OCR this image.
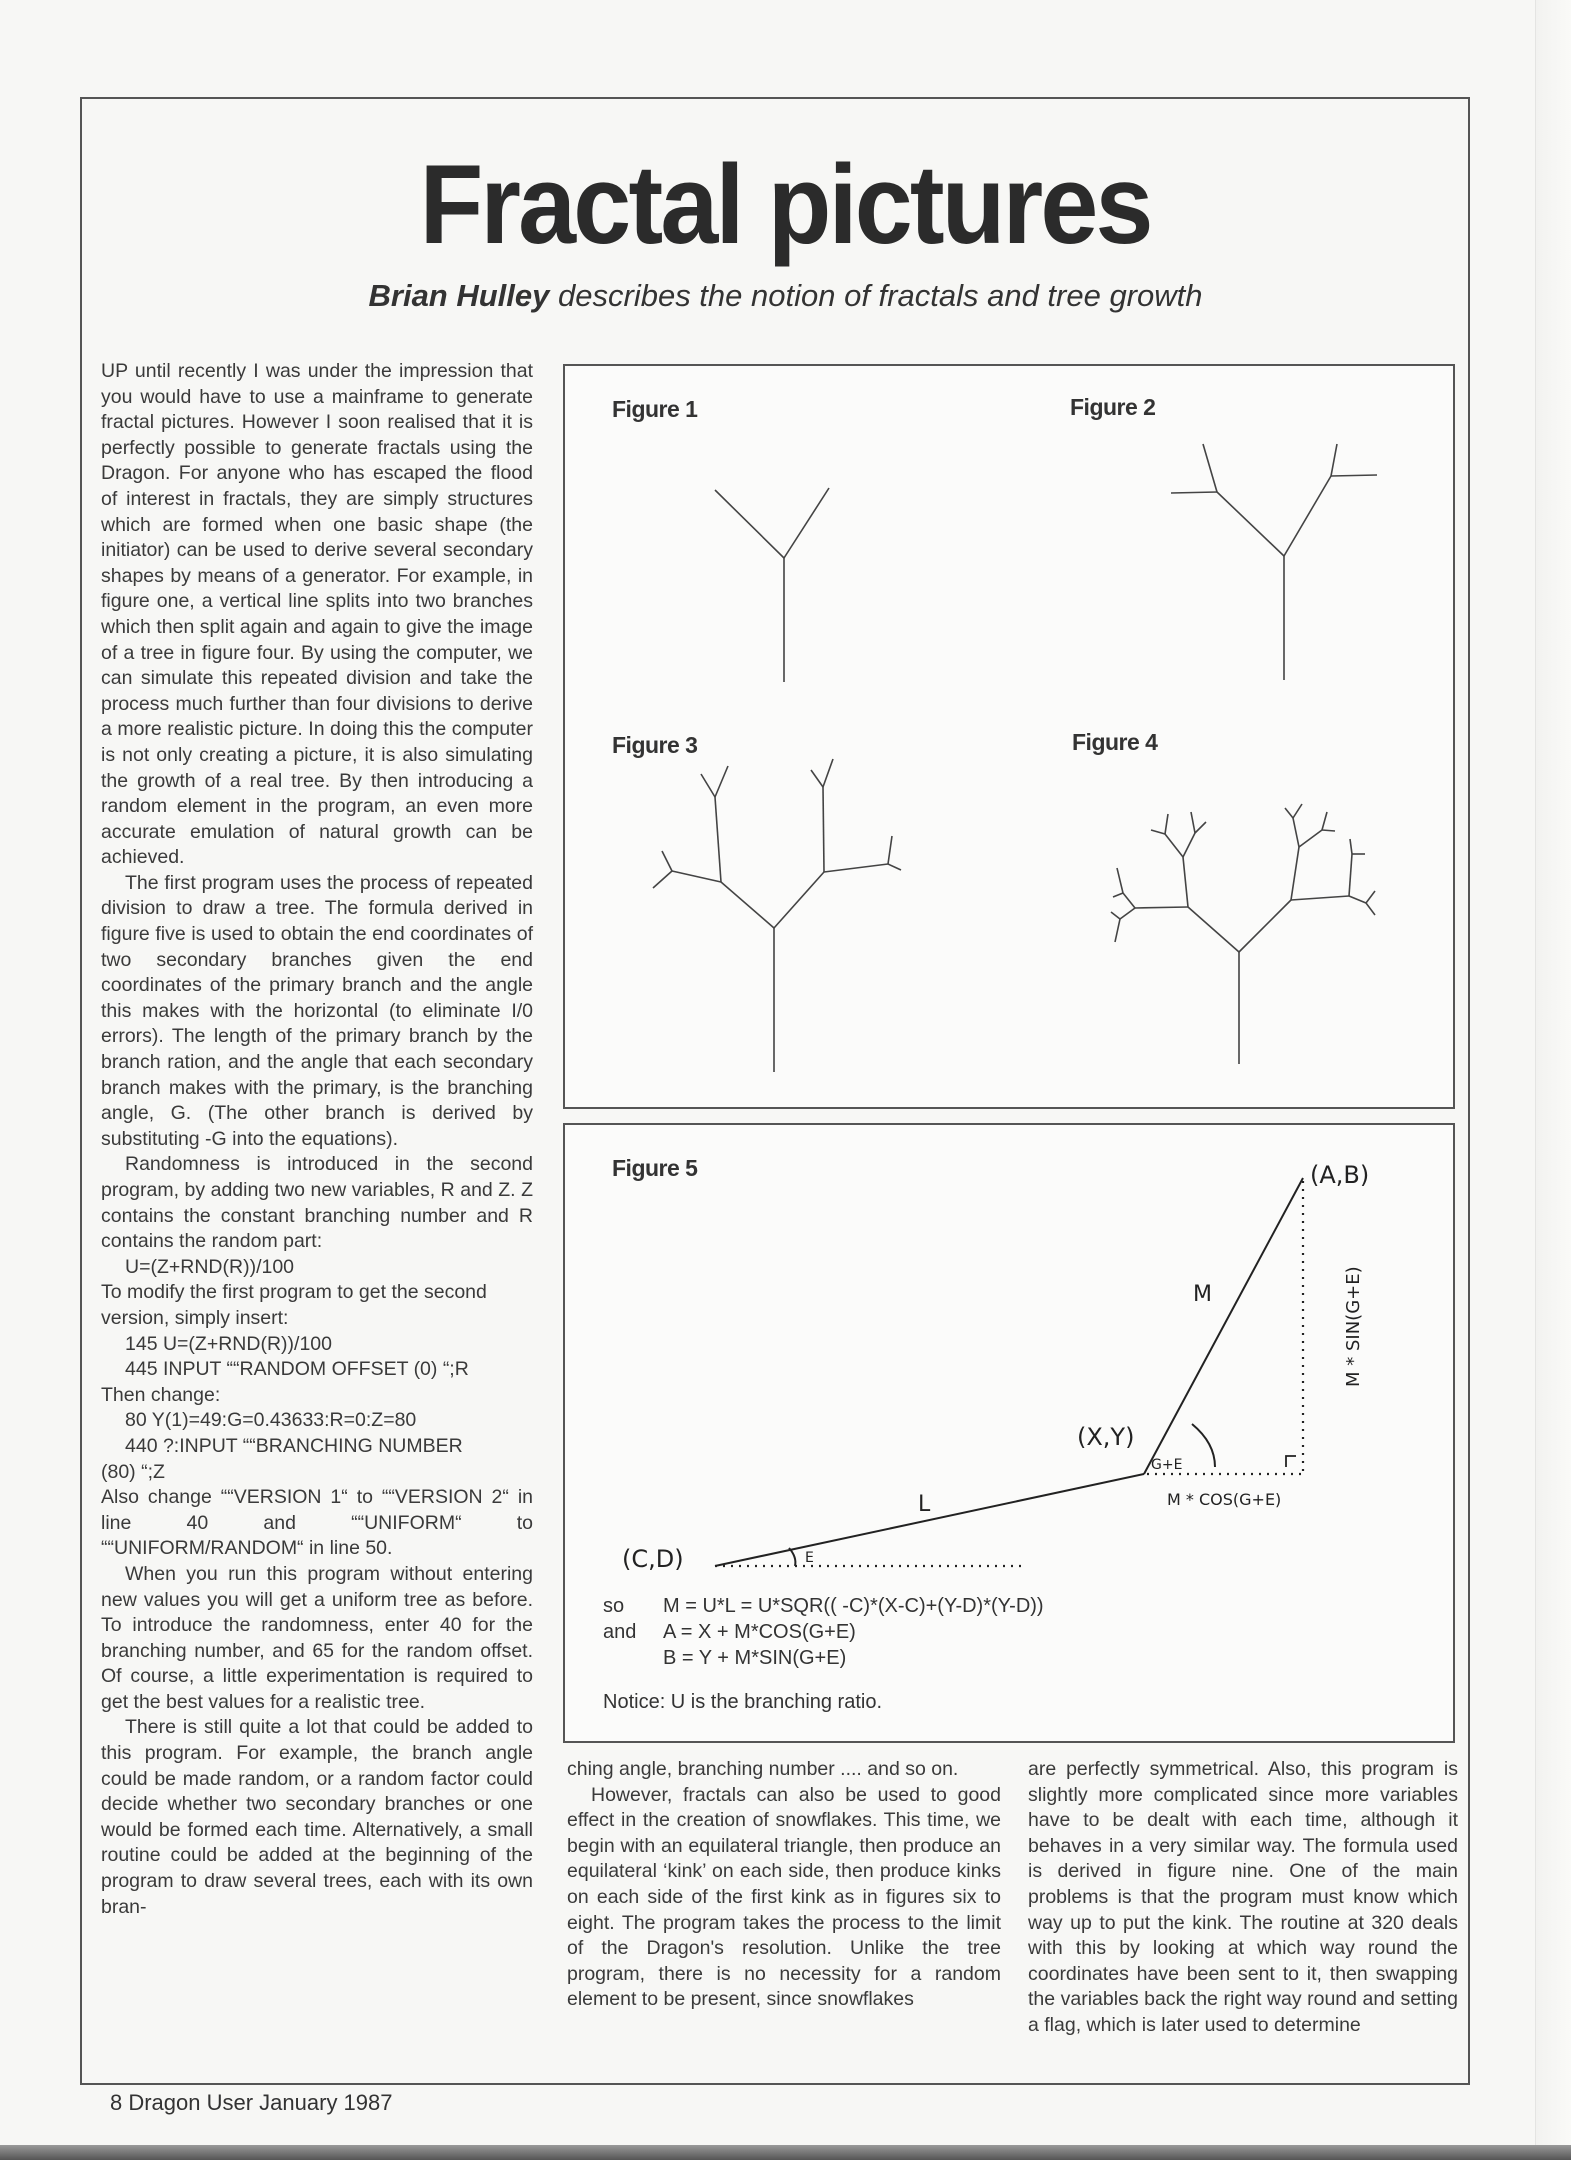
Fractal pictures
Brian Hulley describes the notion of fractals and tree growth

UP until recently I was under the impression that you would have to use a mainframe to generate fractal pictures. However I soon realised that it is perfectly possible to generate fractals using the Dragon. For anyone who has escaped the flood of interest in fractals, they are simply structures which are formed when one basic shape (the initiator) can be used to derive several secondary shapes by means of a generator. For example, in figure one, a vertical line splits into two branches which then split again and again to give the image of a tree in figure four. By using the computer, we can simulate this repeated division and take the process much further than four divisions to derive a more realistic picture. In doing this the computer is not only creating a picture, it is also simulating the growth of a real tree. By then introducing a random element in the program, an even more accurate emulation of natural growth can be achieved.

The first program uses the process of repeated division to draw a tree. The formula derived in figure five is used to obtain the end coordinates of two secondary branches given the end coordinates of the primary branch and the angle this makes with the horizontal (to eliminate I/0 errors). The length of the primary branch by the branch ration, and the angle that each secondary branch makes with the primary, is the branching angle, G. (The other branch is derived by substituting -G into the equations).

Randomness is introduced in the second program, by adding two new variables, R and Z. Z contains the constant branching number and R contains the random part:

U=(Z+RND(R))/100

To modify the first program to get the second version, simply insert:

145 U=(Z+RND(R))/100

445 INPUT ““RANDOM OFFSET (0) “;R

Then change:

80 Y(1)=49:G=0.43633:R=0:Z=80

440 ?:INPUT ““BRANCHING NUMBER

(80) “;Z

Also change ““VERSION 1“ to ““VERSION 2“ in line 40 and ““UNIFORM“ to ““UNIFORM/RANDOM“ in line 50.

When you run this program without entering new values you will get a uniform tree as before. To introduce the randomness, enter 40 for the branching number, and 65 for the random offset. Of course, a little experimentation is required to get the best values for a realistic tree.

There is still quite a lot that could be added to this program. For example, the branch angle could be made random, or a random factor could decide whether two secondary branches or one would be formed each time. Alternatively, a small routine could be added at the beginning of the program to draw several trees, each with its own bran-

Figure 1	Figure 2
Figure 3	Figure 4
Figure 5
(C,D)
(X,Y)
(A,B)
L
M
E
G+E
M * COS(G+E)
M * SIN(G+E)
so M = U*L = U*SQR(( -C)*(X-C)+(Y-D)*(Y-D))
and A = X + M*COS(G+E)
B = Y + M*SIN(G+E)
Notice: U is the branching ratio.

ching angle, branching number .... and so on.

However, fractals can also be used to good effect in the creation of snowflakes. This time, we begin with an equilateral triangle, then produce an equilateral ‘kink’ on each side, then produce kinks on each side of the first kink as in figures six to eight. The program takes the process to the limit of the Dragon's resolution. Unlike the tree program, there is no necessity for a random element to be present, since snowflakes

are perfectly symmetrical. Also, this program is slightly more complicated since more variables have to be dealt with each time, although it behaves in a very similar way. The formula used is derived in figure nine. One of the main problems is that the program must know which way up to put the kink. The routine at 320 deals with this by looking at which way round the coordinates have been sent to it, then swapping the variables back the right way round and setting a flag, which is later used to determine

8 Dragon User January 1987
